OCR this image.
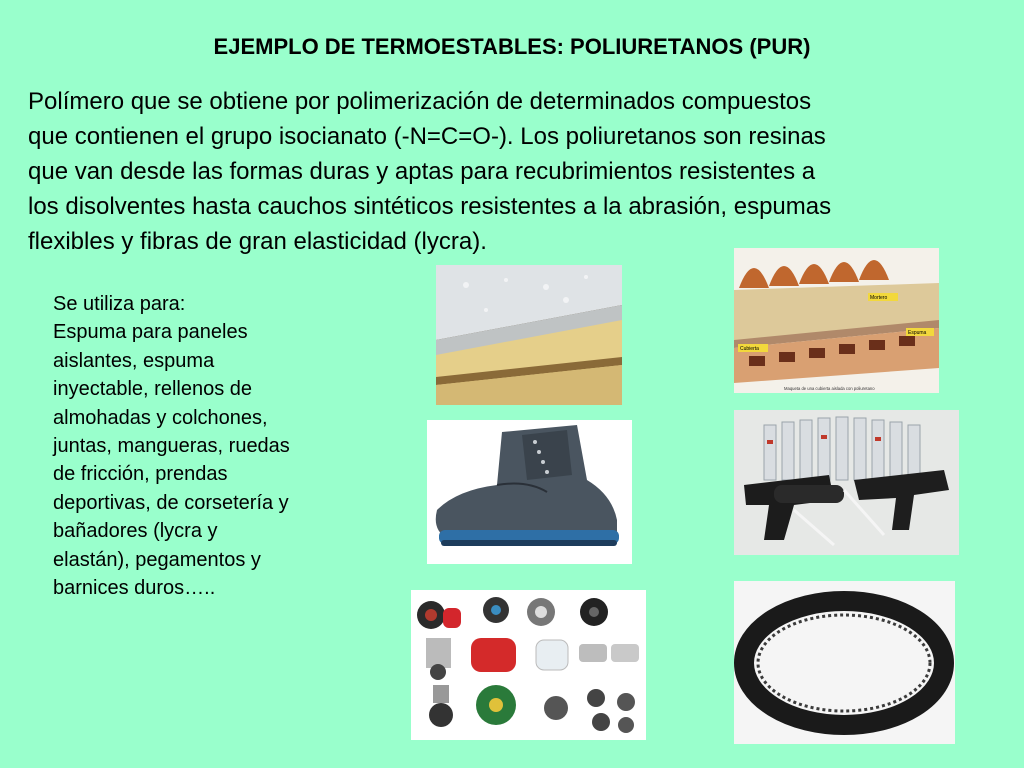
EJEMPLO DE TERMOESTABLES: POLIURETANOS (PUR)
Polímero que se obtiene por polimerización de determinados compuestos
que contienen el grupo isocianato (-N=C=O-). Los poliuretanos son resinas
que van desde las formas duras y aptas para recubrimientos resistentes a
los disolventes hasta cauchos sintéticos resistentes a la abrasión, espumas
flexibles y fibras de gran elasticidad (lycra).
Se utiliza para:
Espuma para paneles
aislantes, espuma
inyectable, rellenos de
almohadas y colchones,
juntas, mangueras, ruedas
de fricción, prendas
deportivas, de corsetería y
bañadores (lycra y
elastán), pegamentos y
barnices duros…..
Mortero
Espuma
Cubierta
Maqueta de una cubierta aislada con poliuretano
